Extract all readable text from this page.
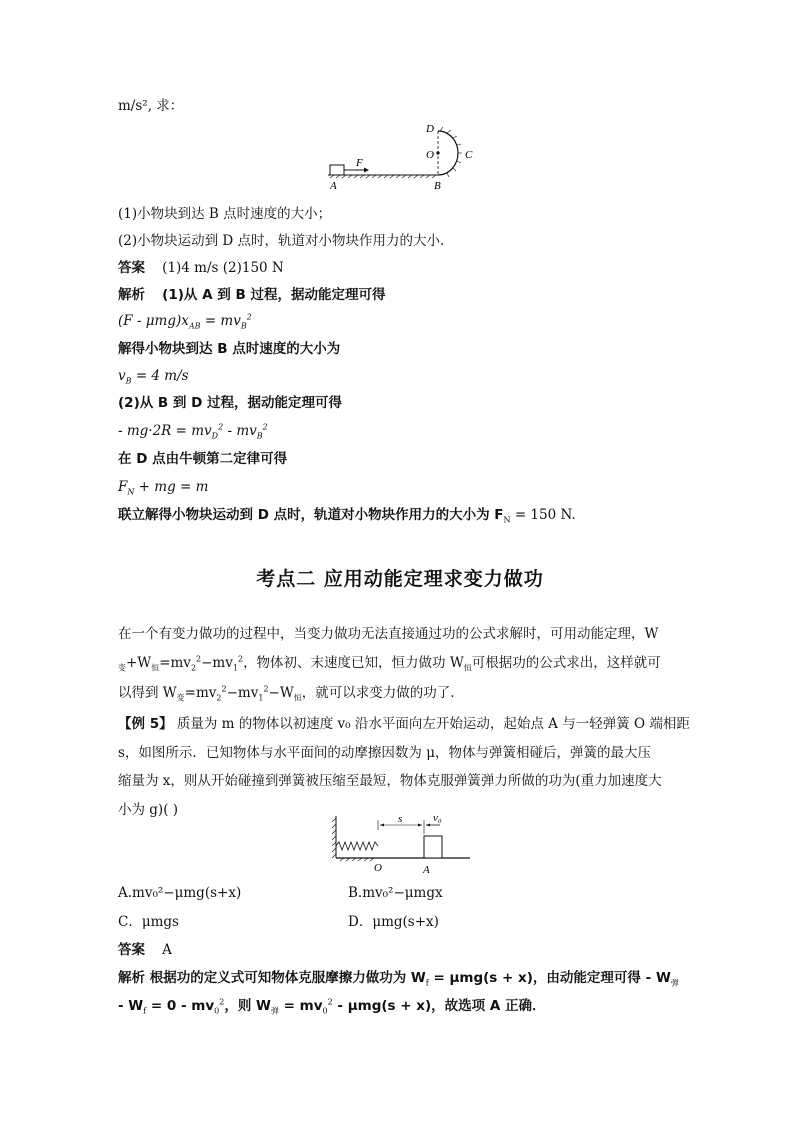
m/s², 求：
D
O	C
F
A	B
(1)小物块到达 B 点时速度的大小；
(2)小物块运动到 D 点时，轨道对小物块作用力的大小.
答案 (1)4 m/s (2)150 N
解析 (1)从 A 到 B 过程，据动能定理可得
$(F - \mu mg)x_{AB} = mv_B^2$
解得小物块到达 B 点时速度的大小为
$v_B = 4$ m/s
(2)从 B 到 D 过程，据动能定理可得
- $mg\cdot 2R = mv_D^2 - mv_B^2$
在 D 点由牛顿第二定律可得
$F_N$ + mg = m
联立解得小物块运动到 D 点时，轨道对小物块作用力的大小为 $F_N = 150$ N.
考点二 应用动能定理求变力做功
在一个有变力做功的过程中，当变力做功无法直接通过功的公式求解时，可用动能定理，W
$_变+W_恒=mv_2^2-mv_1^2$，物体初、末速度已知，恒力做功 $W_恒$可根据功的公式求出，这样就可
以得到 $W_变=mv_2^2-mv_1^2-W_恒$，就可以求变力做的功了.
【例 5】 质量为 m 的物体以初速度 v₀ 沿水平面向左开始运动，起始点 A 与一轻弹簧 O 端相距
s，如图所示．已知物体与水平面间的动摩擦因数为 μ，物体与弹簧相碰后，弹簧的最大压
缩量为 x，则从开始碰撞到弹簧被压缩至最短，物体克服弹簧弹力所做的功为(重力加速度大
小为 g)( )
s	v₀
O	A
A.mv₀²−μmg(s+x)	B.mv₀²−μmgx
C．μmgs	D．μmg(s+x)
答案 A
解析 根据功的定义式可知物体克服摩擦力做功为 $W_f = \mu mg(s + x)$，由动能定理可得 - $W_弹$
- $W_f = 0 - mv_0^2$，则 $W_弹 = mv_0^2 - \mu mg(s + x)$，故选项 A 正确．
